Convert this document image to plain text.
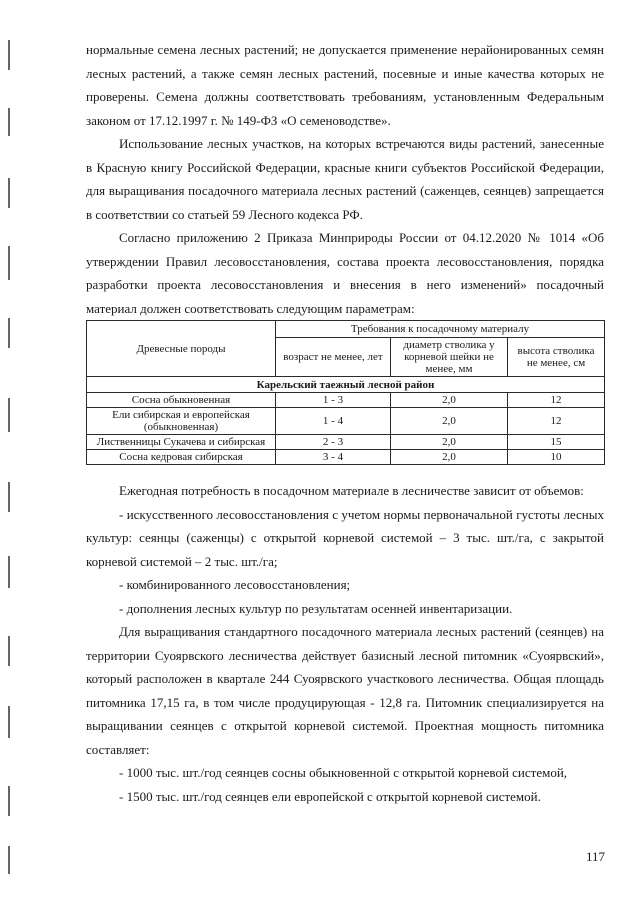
нормальные семена лесных растений; не допускается применение нерайонированных семян лесных растений, а также семян лесных растений, посевные и иные качества которых не проверены. Семена должны соответствовать требованиям, установленным Федеральным законом от 17.12.1997 г. № 149-ФЗ «О семеноводстве».

Использование лесных участков, на которых встречаются виды растений, занесенные в Красную книгу Российской Федерации, красные книги субъектов Российской Федерации, для выращивания посадочного материала лесных растений (саженцев, сеянцев) запрещается в соответствии со статьей 59 Лесного кодекса РФ.

Согласно приложению 2 Приказа Минприроды России от 04.12.2020 № 1014 «Об утверждении Правил лесовосстановления, состава проекта лесовосстановления, порядка разработки проекта лесовосстановления и внесения в него изменений» посадочный материал должен соответствовать следующим параметрам:

Древесные породы	Требования к посадочному материалу		
	возраст не менее, лет	диаметр стволика у корневой шейки не менее, мм	высота стволика не менее, см
Карельский таежный лесной район			
Сосна обыкновенная	1 - 3	2,0	12
Ели сибирская и европейская (обыкновенная)	1 - 4	2,0	12
Лиственницы Сукачева и сибирская	2 - 3	2,0	15
Сосна кедровая сибирская	3 - 4	2,0	10

Ежегодная потребность в посадочном материале в лесничестве зависит от объемов:

- искусственного лесовосстановления с учетом нормы первоначальной густоты лесных культур: сеянцы (саженцы) с открытой корневой системой – 3 тыс. шт./га, с закрытой корневой системой – 2 тыс. шт./га;

- комбинированного лесовосстановления;

- дополнения лесных культур по результатам осенней инвентаризации.

Для выращивания стандартного посадочного материала лесных растений (сеянцев) на территории Суоярвского лесничества действует базисный лесной питомник «Суоярвский», который расположен в квартале 244 Суоярвского участкового лесничества. Общая площадь питомника 17,15 га, в том числе продуцирующая - 12,8 га. Питомник специализируется на выращивании сеянцев с открытой корневой системой. Проектная мощность питомника составляет:

- 1000 тыс. шт./год сеянцев сосны обыкновенной с открытой корневой системой,

- 1500 тыс. шт./год сеянцев ели европейской с открытой корневой системой.

117
